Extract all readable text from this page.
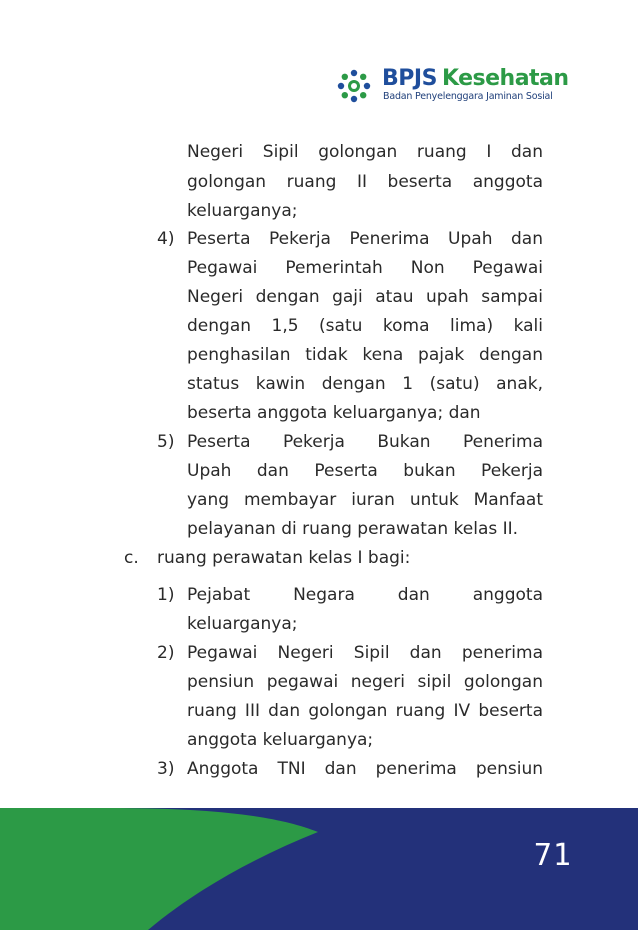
BPJS Kesehatan
Badan Penyelenggara Jaminan Sosial
Negeri Sipil golongan ruang I dan
golongan ruang II beserta anggota
keluarganya;
4) Peserta Pekerja Penerima Upah dan
Pegawai Pemerintah Non Pegawai
Negeri dengan gaji atau upah sampai
dengan 1,5 (satu koma lima) kali
penghasilan tidak kena pajak dengan
status kawin dengan 1 (satu) anak,
beserta anggota keluarganya; dan
5) Peserta Pekerja Bukan Penerima
Upah dan Peserta bukan Pekerja
yang membayar iuran untuk Manfaat
pelayanan di ruang perawatan kelas II.
c. ruang perawatan kelas I bagi:
1) Pejabat Negara dan anggota
keluarganya;
2) Pegawai Negeri Sipil dan penerima
pensiun pegawai negeri sipil golongan
ruang III dan golongan ruang IV beserta
anggota keluarganya;
3) Anggota TNI dan penerima pensiun
71
